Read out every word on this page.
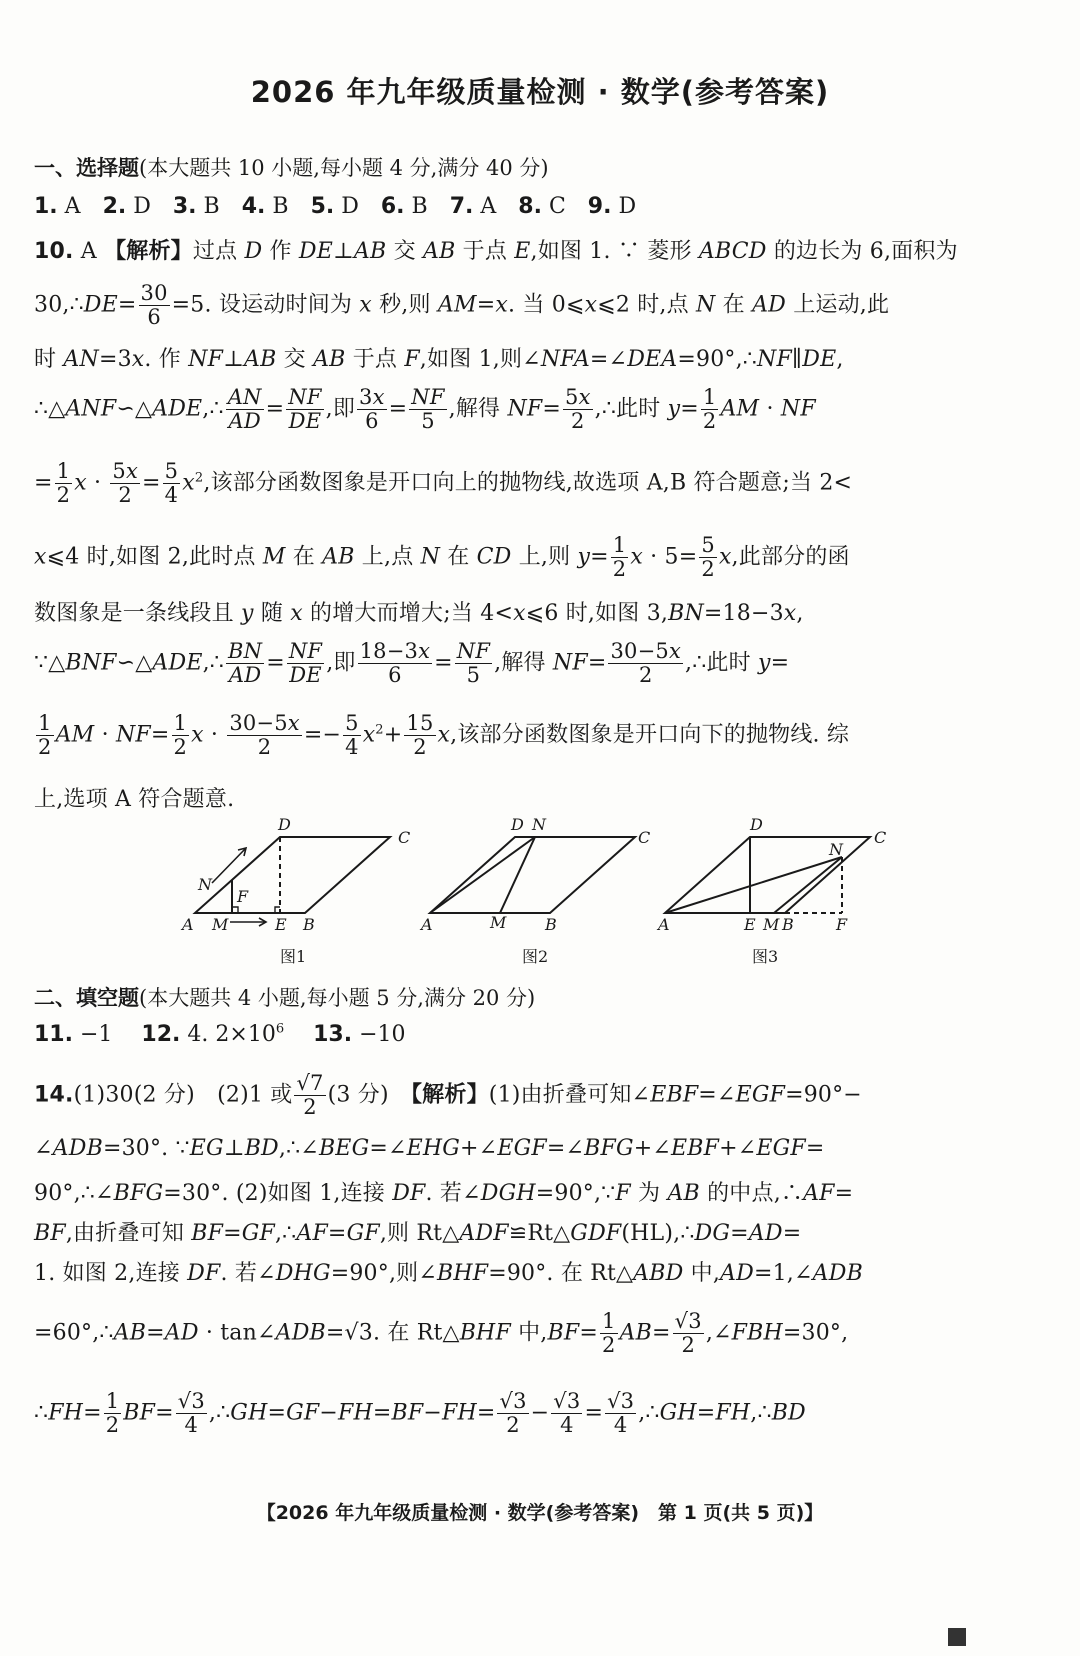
2026 年九年级质量检测 · 数学(参考答案)
一、选择题(本大题共 10 小题,每小题 4 分,满分 40 分)
1. A 2. D 3. B 4. B 5. D 6. B 7. A 8. C 9. D
10. A 【解析】过点 D 作 DE⊥AB 交 AB 于点 E,如图 1. ∵ 菱形 ABCD 的边长为 6,面积为
30,∴DE= $\frac{30}{6} =5$. 设运动时间为 x 秒,则 AM=x. 当 0⩽x⩽2 时,点 N 在 AD 上运动,此
时 AN=3x. 作 NF⊥AB 交 AB 于点 F,如图 1,则∠NFA=∠DEA=90°,∴NF∥DE,
∴△ANF∽△ADE,∴ $\frac{AN}{AD} = \frac{NF}{DE}$ ,即 $\frac{3x}{6} = \frac{NF}{5}$ ,解得 $NF= \frac{5x}{2}$ ,∴此时 $y= \frac{1}{2}$ AM · NF
= $\frac{1}{2}$ $x \cdot \frac{5x}{2} = \frac{5}{4} x^2$,该部分函数图象是开口向上的抛物线,故选项 A,B 符合题意;当 2<
x⩽4 时,如图 2,此时点 M 在 AB 上,点 N 在 CD 上,则 $y= \frac{1}{2}$ $x \cdot 5= \frac{5}{2} x$,此部分的函
数图象是一条线段且 y 随 x 的增大而增大;当 4<x⩽6 时,如图 3,BN=18−3x,
∵△BNF∽△ADE,∴ $\frac{BN}{AD} = \frac{NF}{DE}$ ,即 $\frac{18-3x}{6} = \frac{NF}{5}$ ,解得 $NF= \frac{30-5x}{2}$ ,∴此时 y=
$\frac{1}{2}$ AM · $NF= \frac{1}{2}$ $x \cdot \frac{30-5x}{2} =- \frac{5}{4} x^2+ \frac{15}{2} x$,该部分函数图象是开口向下的抛物线. 综
上,选项 A 符合题意.
D
C
A M	E B
N
F
图1
D N
C
A	M B
图2
D
C
N
A	E M B	F
图3
二、填空题(本大题共 4 小题,每小题 5 分,满分 20 分)
11. −1 12. 4. $2\times 10^6$ 13. −10
14.(1)30(2 分)　(2)1 或 $\frac{√7}{2} (3$ 分)　【解析】(1)由折叠可知∠EBF=∠EGF=90°−
∠ADB=30°. ∵EG⊥BD,∴∠BEG=∠EHG+∠EGF=∠BFG+∠EBF+∠EGF=
90°,∴∠BFG=30°. (2)如图 1,连接 DF. 若∠DGH=90°,∵F 为 AB 的中点,∴AF=
BF,由折叠可知 BF=GF,∴AF=GF,则 Rt△ADF≌Rt△GDF(HL),∴DG=AD=
1. 如图 2,连接 DF. 若∠DHG=90°,则∠BHF=90°. 在 Rt△ABD 中,AD=1,∠ADB
=60°,∴AB=AD · tan∠ADB=√3. 在 Rt△BHF 中$,BF= \frac{1}{2} AB= \frac{√3}{2}$ ,∠FBH=30°,
∴FH= $\frac{1}{2} BF= \frac{√3}{4}$ ,∴GH=GF−FH=BF−FH= $\frac{√3}{2} - \frac{√3}{4} = \frac{√3}{4}$ ,∴GH=FH,∴BD
【2026 年九年级质量检测 · 数学(参考答案)　第 1 页(共 5 页)】
